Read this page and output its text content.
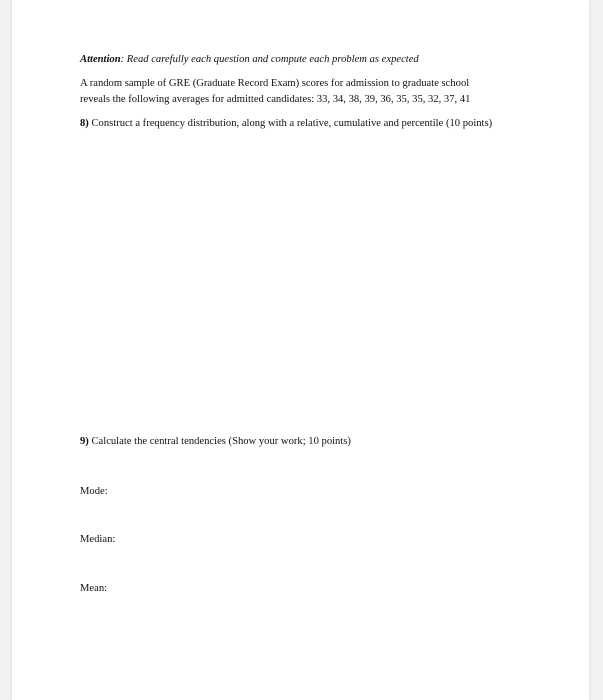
Attention: Read carefully each question and compute each problem as expected
A random sample of GRE (Graduate Record Exam) scores for admission to graduate school
reveals the following averages for admitted candidates: 33, 34, 38, 39, 36, 35, 35, 32, 37, 41
8) Construct a frequency distribution, along with a relative, cumulative and percentile (10 points)
9) Calculate the central tendencies (Show your work; 10 points)
Mode:
Median:
Mean:
